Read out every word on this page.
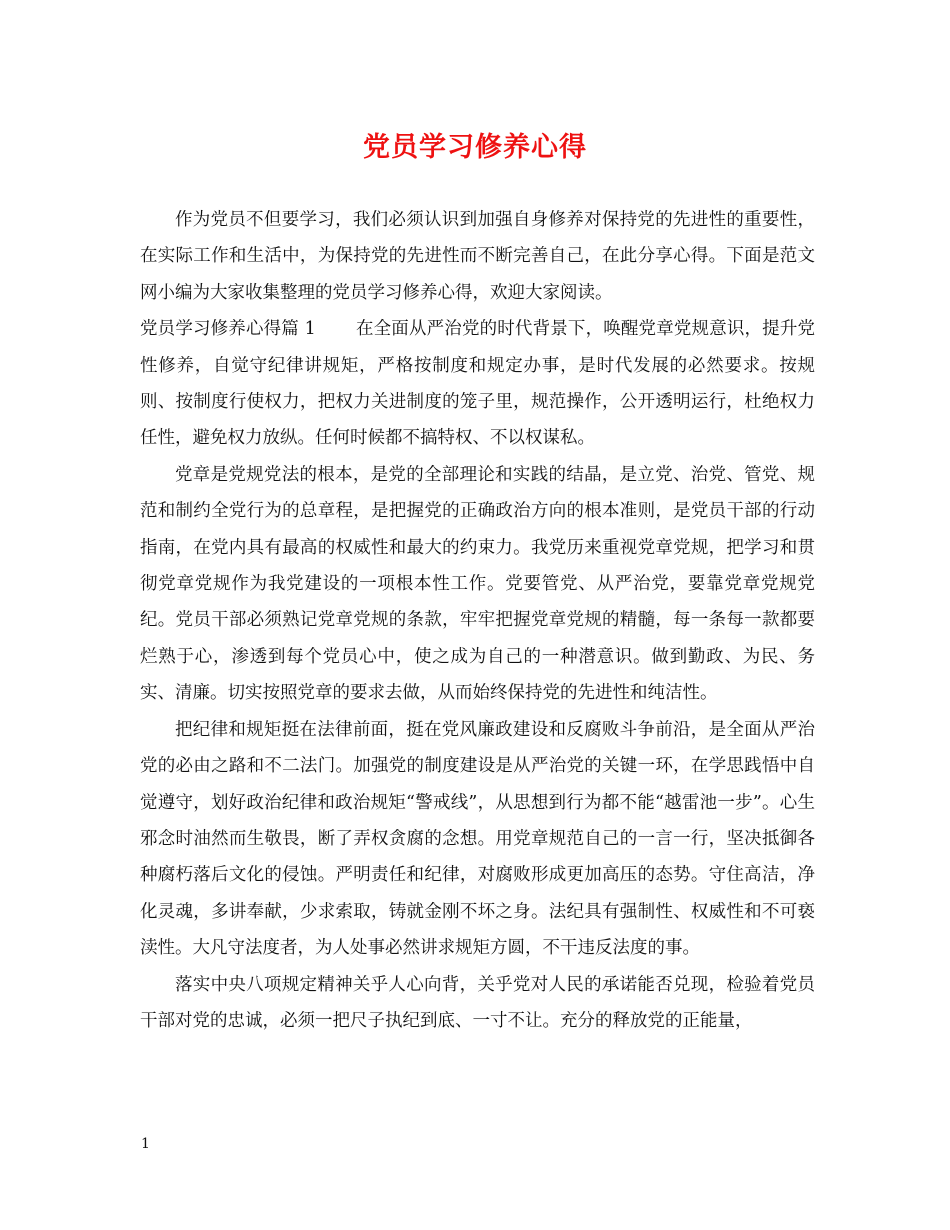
党员学习修养心得

作为党员不但要学习，我们必须认识到加强自身修养对保持党的先进性的重要性，在实际工作和生活中，为保持党的先进性而不断完善自己，在此分享心得。下面是范文网小编为大家收集整理的党员学习修养心得，欢迎大家阅读。

党员学习修养心得篇 1 在全面从严治党的时代背景下，唤醒党章党规意识，提升党性修养，自觉守纪律讲规矩，严格按制度和规定办事，是时代发展的必然要求。按规则、按制度行使权力，把权力关进制度的笼子里，规范操作，公开透明运行，杜绝权力任性，避免权力放纵。任何时候都不搞特权、不以权谋私。

党章是党规党法的根本，是党的全部理论和实践的结晶，是立党、治党、管党、规范和制约全党行为的总章程，是把握党的正确政治方向的根本准则，是党员干部的行动指南，在党内具有最高的权威性和最大的约束力。我党历来重视党章党规，把学习和贯彻党章党规作为我党建设的一项根本性工作。党要管党、从严治党，要靠党章党规党纪。党员干部必须熟记党章党规的条款，牢牢把握党章党规的精髓，每一条每一款都要烂熟于心，渗透到每个党员心中，使之成为自己的一种潜意识。做到勤政、为民、务实、清廉。切实按照党章的要求去做，从而始终保持党的先进性和纯洁性。

把纪律和规矩挺在法律前面，挺在党风廉政建设和反腐败斗争前沿，是全面从严治党的必由之路和不二法门。加强党的制度建设是从严治党的关键一环，在学思践悟中自觉遵守，划好政治纪律和政治规矩“警戒线”，从思想到行为都不能“越雷池一步”。心生邪念时油然而生敬畏，断了弄权贪腐的念想。用党章规范自己的一言一行，坚决抵御各种腐朽落后文化的侵蚀。严明责任和纪律，对腐败形成更加高压的态势。守住高洁，净化灵魂，多讲奉献，少求索取，铸就金刚不坏之身。法纪具有强制性、权威性和不可亵渎性。大凡守法度者，为人处事必然讲求规矩方圆，不干违反法度的事。

落实中央八项规定精神关乎人心向背，关乎党对人民的承诺能否兑现，检验着党员干部对党的忠诚，必须一把尺子执纪到底、一寸不让。充分的释放党的正能量，

1
